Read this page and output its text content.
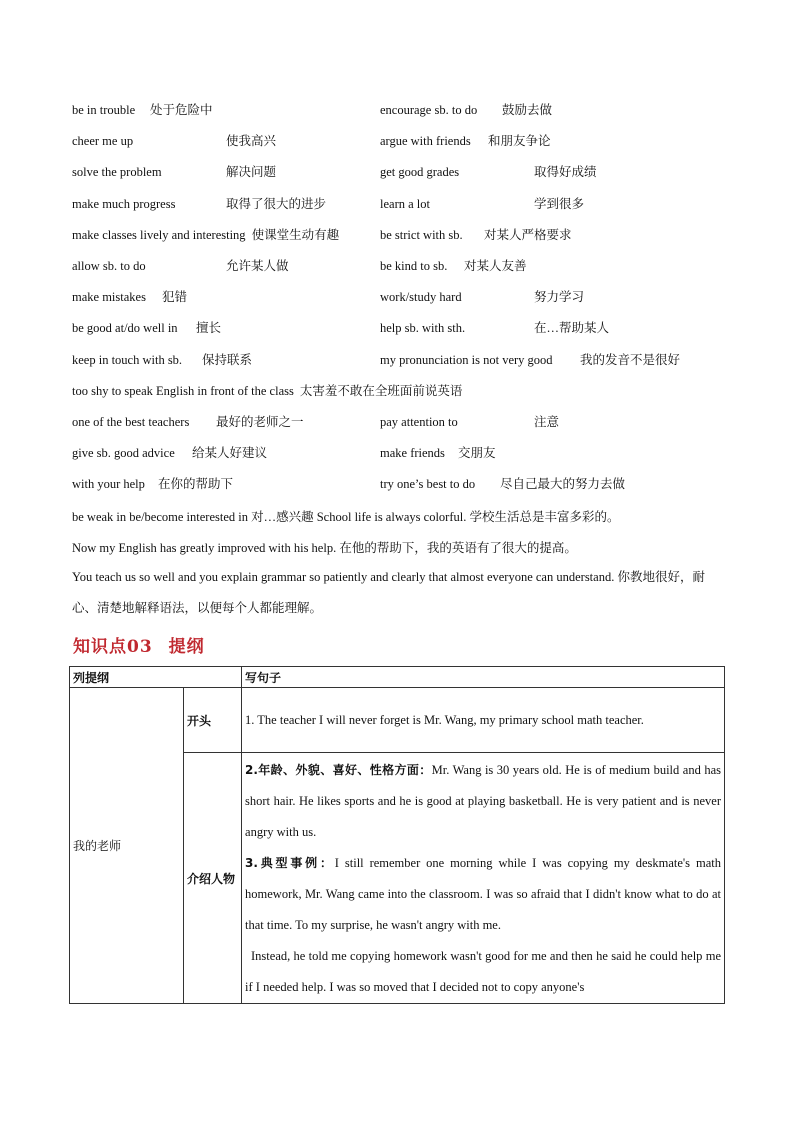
be in trouble 处于危险中	encourage sb. to do 鼓励去做
cheer me up	使我高兴	argue with friends 和朋友争论
solve the problem	解决问题	get good grades	取得好成绩
make much progress	取得了很大的进步	learn a lot	学到很多
make classes lively and interesting 使课堂生动有趣	be strict with sb. 对某人严格要求
allow sb. to do	允许某人做	be kind to sb. 对某人友善
make mistakes 犯错	work/study hard	努力学习
be good at/do well in 擅长	help sb. with sth.	在…帮助某人
keep in touch with sb. 保持联系	my pronunciation is not very good 我的发音不是很好
too shy to speak English in front of the class 太害羞不敢在全班面前说英语
one of the best teachers 最好的老师之一	pay attention to	注意
give sb. good advice 给某人好建议	make friends 交朋友
with your help 在你的帮助下	try one’s best to do 尽自己最大的努力去做
be weak in be/become interested in 对…感兴趣 School life is always colorful. 学校生活总是丰富多彩的。
Now my English has greatly improved with his help. 在他的帮助下，我的英语有了很大的提高。
You teach us so well and you explain grammar so patiently and clearly that almost everyone can understand. 你教地很好，耐心、清楚地解释语法，以便每个人都能理解。
知识点03 提纲
列提纲		写句子
我的老师	开头	1. The teacher I will never forget is Mr. Wang, my primary school math teacher.
	介绍人物	2.年龄、外貌、喜好、性格方面：Mr. Wang is 30 years old. He is of medium build and has short hair. He likes sports and he is good at playing basketball. He is very patient and is never angry with us.

3.典型事例：I still remember one morning while I was copying my deskmate's math homework, Mr. Wang came into the classroom. I was so afraid that I didn't know what to do at that time. To my surprise, he wasn't angry with me.

Instead, he told me copying homework wasn't good for me and then he said he could help me if I needed help. I was so moved that I decided not to copy anyone's
